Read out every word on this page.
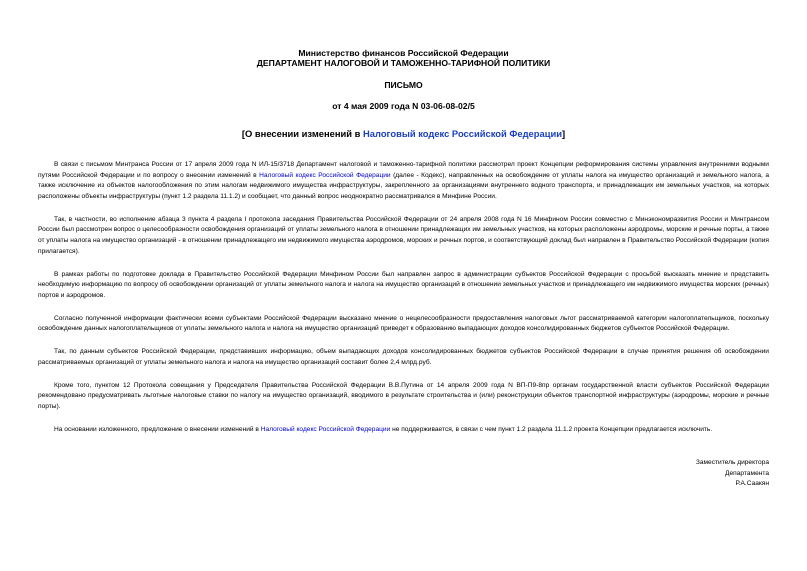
Министерство финансов Российской Федерации
ДЕПАРТАМЕНТ НАЛОГОВОЙ И ТАМОЖЕННО-ТАРИФНОЙ ПОЛИТИКИ
ПИСЬМО
от 4 мая 2009 года N 03-06-08-02/5
[О внесении изменений в Налоговый кодекс Российской Федерации]

В связи с письмом Минтранса России от 17 апреля 2009 года N ИЛ-15/3718 Департамент налоговой и таможенно-тарифной политики рассмотрел проект Концепции реформирования системы управления внутренними водными путями Российской Федерации и по вопросу о внесении изменений в Налоговый кодекс Российской Федерации (далее - Кодекс), направленных на освобождение от уплаты налога на имущество организаций и земельного налога, а также исключение из объектов налогообложения по этим налогам недвижимого имущества инфраструктуры, закрепленного за организациями внутреннего водного транспорта, и принадлежащих им земельных участков, на которых расположены объекты инфраструктуры (пункт 1.2 раздела 11.1.2) и сообщает, что данный вопрос неоднократно рассматривался в Минфине России.

Так, в частности, во исполнение абзаца 3 пункта 4 раздела I протокола заседания Правительства Российской Федерации от 24 апреля 2008 года N 16 Минфином России совместно с Минэкономразвития России и Минтрансом России был рассмотрен вопрос о целесообразности освобождения организаций от уплаты земельного налога в отношении принадлежащих им земельных участков, на которых расположены аэродромы, морские и речные порты, а также от уплаты налога на имущество организаций - в отношении принадлежащего им недвижимого имущества аэродромов, морских и речных портов, и соответствующий доклад был направлен в Правительство Российской Федерации (копия прилагается).

В рамках работы по подготовке доклада в Правительство Российской Федерации Минфином России был направлен запрос в администрации субъектов Российской Федерации с просьбой высказать мнение и представить необходимую информацию по вопросу об освобождении организаций от уплаты земельного налога и налога на имущество организаций в отношении земельных участков и принадлежащего им недвижимого имущества морских (речных) портов и аэродромов.

Согласно полученной информации фактически всеми субъектами Российской Федерации высказано мнение о нецелесообразности предоставления налоговых льгот рассматриваемой категории налогоплательщиков, поскольку освобождение данных налогоплательщиков от уплаты земельного налога и налога на имущество организаций приведет к образованию выпадающих доходов консолидированных бюджетов субъектов Российской Федерации.

Так, по данным субъектов Российской Федерации, представивших информацию, объем выпадающих доходов консолидированных бюджетов субъектов Российской Федерации в случае принятия решения об освобождении рассматриваемых организаций от уплаты земельного налога и налога на имущество организаций составит более 2,4 млрд.руб.

Кроме того, пунктом 12 Протокола совещания у Председателя Правительства Российской Федерации В.В.Путина от 14 апреля 2009 года N ВП-П9-8пр органам государственной власти субъектов Российской Федерации рекомендовано предусматривать льготные налоговые ставки по налогу на имущество организаций, вводимого в результате строительства и (или) реконструкции объектов транспортной инфраструктуры (аэродромы, морские и речные порты).

На основании изложенного, предложение о внесении изменений в Налоговый кодекс Российской Федерации не поддерживается, в связи с чем пункт 1.2 раздела 11.1.2 проекта Концепции предлагается исключить.

Заместитель директора
Департамента
Р.А.Саакян
